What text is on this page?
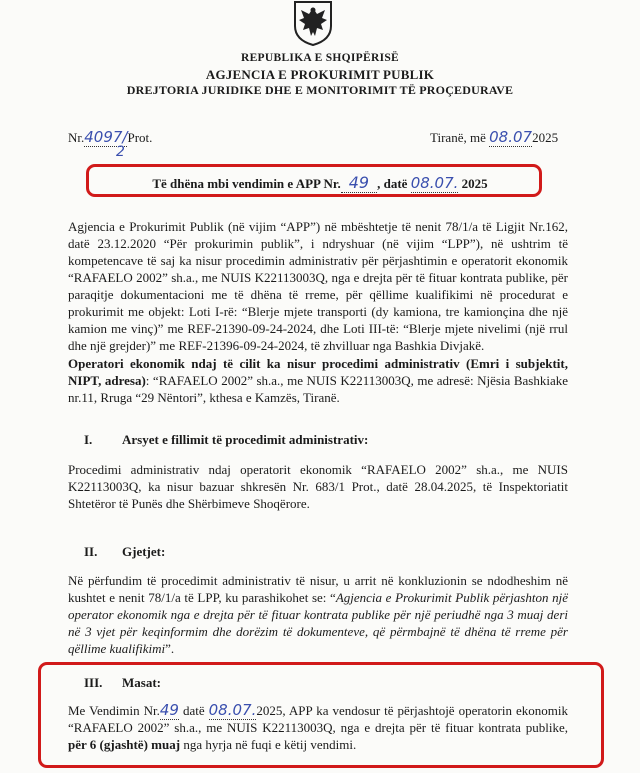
REPUBLIKA E SHQIPËRISË
AGJENCIA E PROKURIMIT PUBLIK
DREJTORIA JURIDIKE DHE E MONITORIMIT TË PROÇEDURAVE
Nr.4097/Prot.
2
Tiranë, më 08.072025
Të dhëna mbi vendimin e APP Nr. 49 , datë 08.07. 2025
Agjencia e Prokurimit Publik (në vijim “APP”) në mbështetje të nenit 78/1/a të Ligjit Nr.162, datë 23.12.2020 “Për prokurimin publik”, i ndryshuar (në vijim “LPP”), në ushtrim të kompetencave të saj ka nisur procedimin administrativ për përjashtimin e operatorit ekonomik “RAFAELO 2002” sh.a., me NUIS K22113003Q, nga e drejta për të fituar kontrata publike, për paraqitje dokumentacioni me të dhëna të rreme, për qëllime kualifikimi në procedurat e prokurimit me objekt: Loti I-rë: “Blerje mjete transporti (dy kamiona, tre kamionçina dhe një kamion me vinç)” me REF-21390-09-24-2024, dhe Loti III-të: “Blerje mjete nivelimi (një rrul dhe një grejder)” me REF-21396-09-24-2024, të zhvilluar nga Bashkia Divjakë.
Operatori ekonomik ndaj të cilit ka nisur procedimi administrativ (Emri i subjektit, NIPT, adresa): “RAFAELO 2002” sh.a., me NUIS K22113003Q, me adresë: Njësia Bashkiake nr.11, Rruga “29 Nëntori”, kthesa e Kamzës, Tiranë.
I. Arsyet e fillimit të procedimit administrativ:
Procedimi administrativ ndaj operatorit ekonomik “RAFAELO 2002” sh.a., me NUIS K22113003Q, ka nisur bazuar shkresën Nr. 683/1 Prot., datë 28.04.2025, të Inspektoriatit Shtetëror të Punës dhe Shërbimeve Shoqërore.
II. Gjetjet:
Në përfundim të procedimit administrativ të nisur, u arrit në konkluzionin se ndodheshim në kushtet e nenit 78/1/a të LPP, ku parashikohet se: “Agjencia e Prokurimit Publik përjashton një operator ekonomik nga e drejta për të fituar kontrata publike për një periudhë nga 3 muaj deri në 3 vjet për keqinformim dhe dorëzim të dokumenteve, që përmbajnë të dhëna të rreme për qëllime kualifikimi”.
III. Masat:
Me Vendimin Nr.49 datë 08.07.2025, APP ka vendosur të përjashtojë operatorin ekonomik “RAFAELO 2002” sh.a., me NUIS K22113003Q, nga e drejta për të fituar kontrata publike, për 6 (gjashtë) muaj nga hyrja në fuqi e këtij vendimi.
